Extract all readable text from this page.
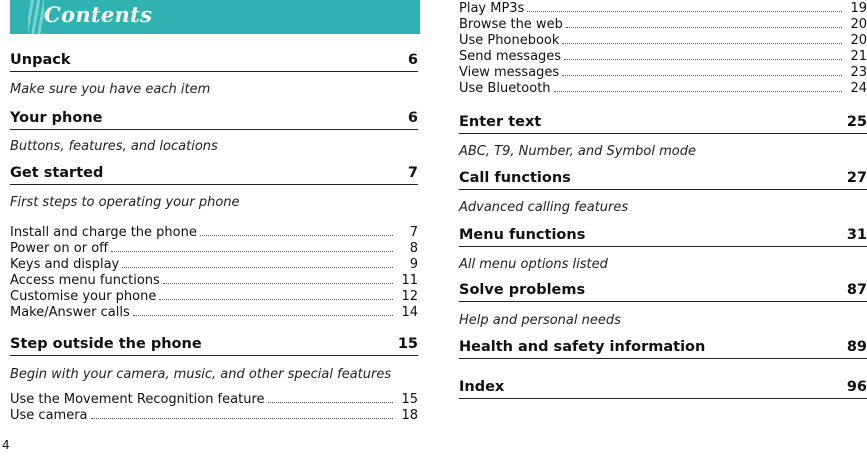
Contents
Unpack	6
Make sure you have each item
Your phone	6
Buttons, features, and locations
Get started	7
First steps to operating your phone
Install and charge the phone	7
Power on or off	8
Keys and display	9
Access menu functions	11
Customise your phone	12
Make/Answer calls	14
Step outside the phone	15
Begin with your camera, music, and other special features
Use the Movement Recognition feature	15
Use camera	18
Play MP3s	19
Browse the web	20
Use Phonebook	20
Send messages	21
View messages	23
Use Bluetooth	24
Enter text	25
ABC, T9, Number, and Symbol mode
Call functions	27
Advanced calling features
Menu functions	31
All menu options listed
Solve problems	87
Help and personal needs
Health and safety information	89
Index	96
4
